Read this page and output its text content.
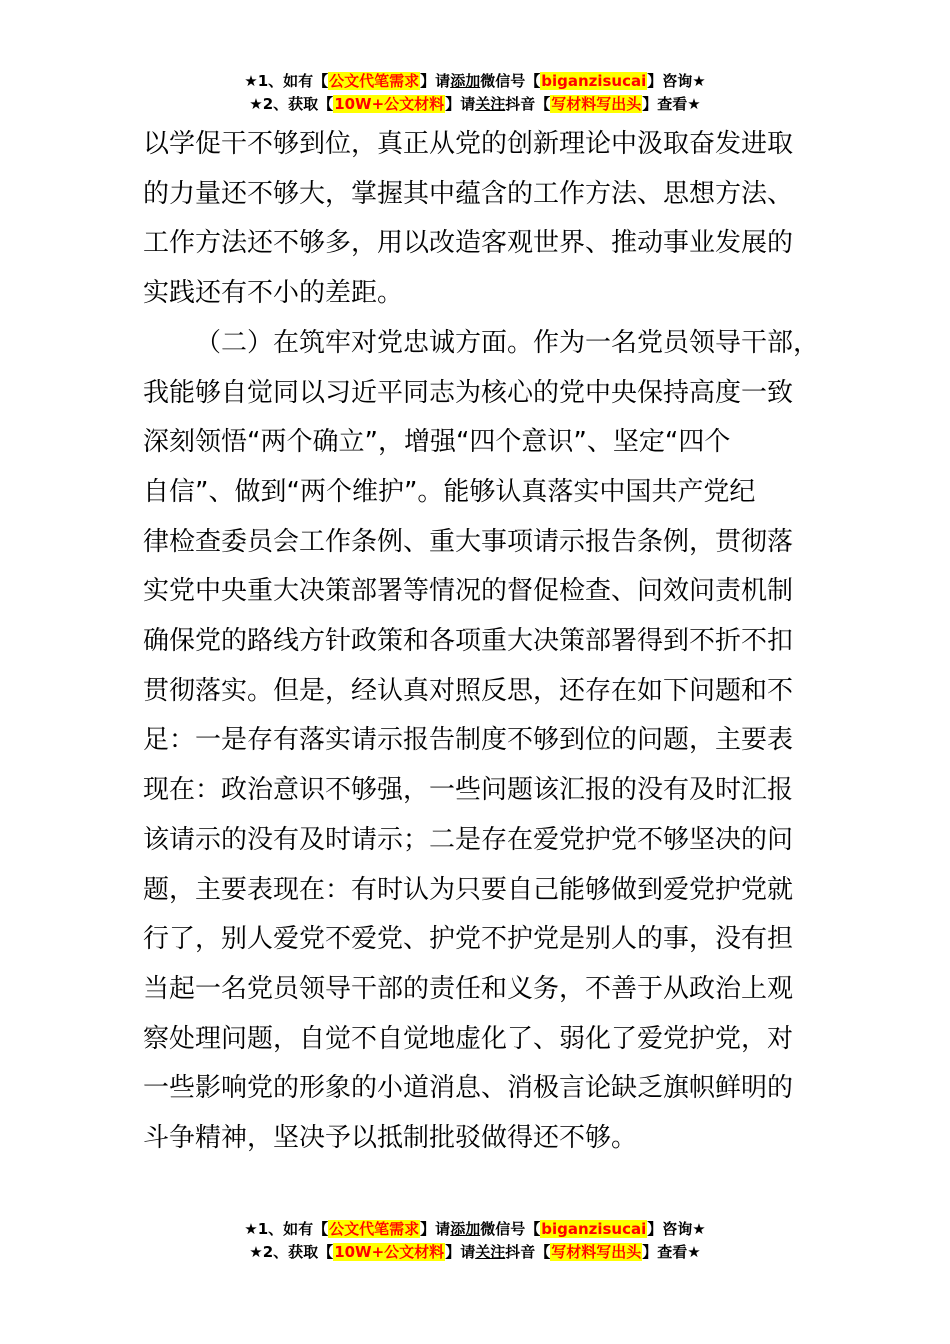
★1、如有【公文代笔需求】请添加微信号【biganzisucai】咨询★
★2、获取【10W+公文材料】请关注抖音【写材料写出头】查看★

以学促干不够到位，真正从党的创新理论中汲取奋发进取

的力量还不够大，掌握其中蕴含的工作方法、思想方法、

工作方法还不够多，用以改造客观世界、推动事业发展的

实践还有不小的差距。

（二）在筑牢对党忠诚方面。作为一名党员领导干部，

我能够自觉同以习近平同志为核心的党中央保持高度一致

深刻领悟“两个确立”，增强“四个意识”、坚定“四个

自信”、做到“两个维护”。能够认真落实中国共产党纪

律检查委员会工作条例、重大事项请示报告条例，贯彻落

实党中央重大决策部署等情况的督促检查、问效问责机制

确保党的路线方针政策和各项重大决策部署得到不折不扣

贯彻落实。但是，经认真对照反思，还存在如下问题和不

足：一是存有落实请示报告制度不够到位的问题，主要表

现在：政治意识不够强，一些问题该汇报的没有及时汇报

该请示的没有及时请示；二是存在爱党护党不够坚决的问

题，主要表现在：有时认为只要自己能够做到爱党护党就

行了，别人爱党不爱党、护党不护党是别人的事，没有担

当起一名党员领导干部的责任和义务，不善于从政治上观

察处理问题，自觉不自觉地虚化了、弱化了爱党护党，对

一些影响党的形象的小道消息、消极言论缺乏旗帜鲜明的

斗争精神，坚决予以抵制批驳做得还不够。

★1、如有【公文代笔需求】请添加微信号【biganzisucai】咨询★
★2、获取【10W+公文材料】请关注抖音【写材料写出头】查看★
